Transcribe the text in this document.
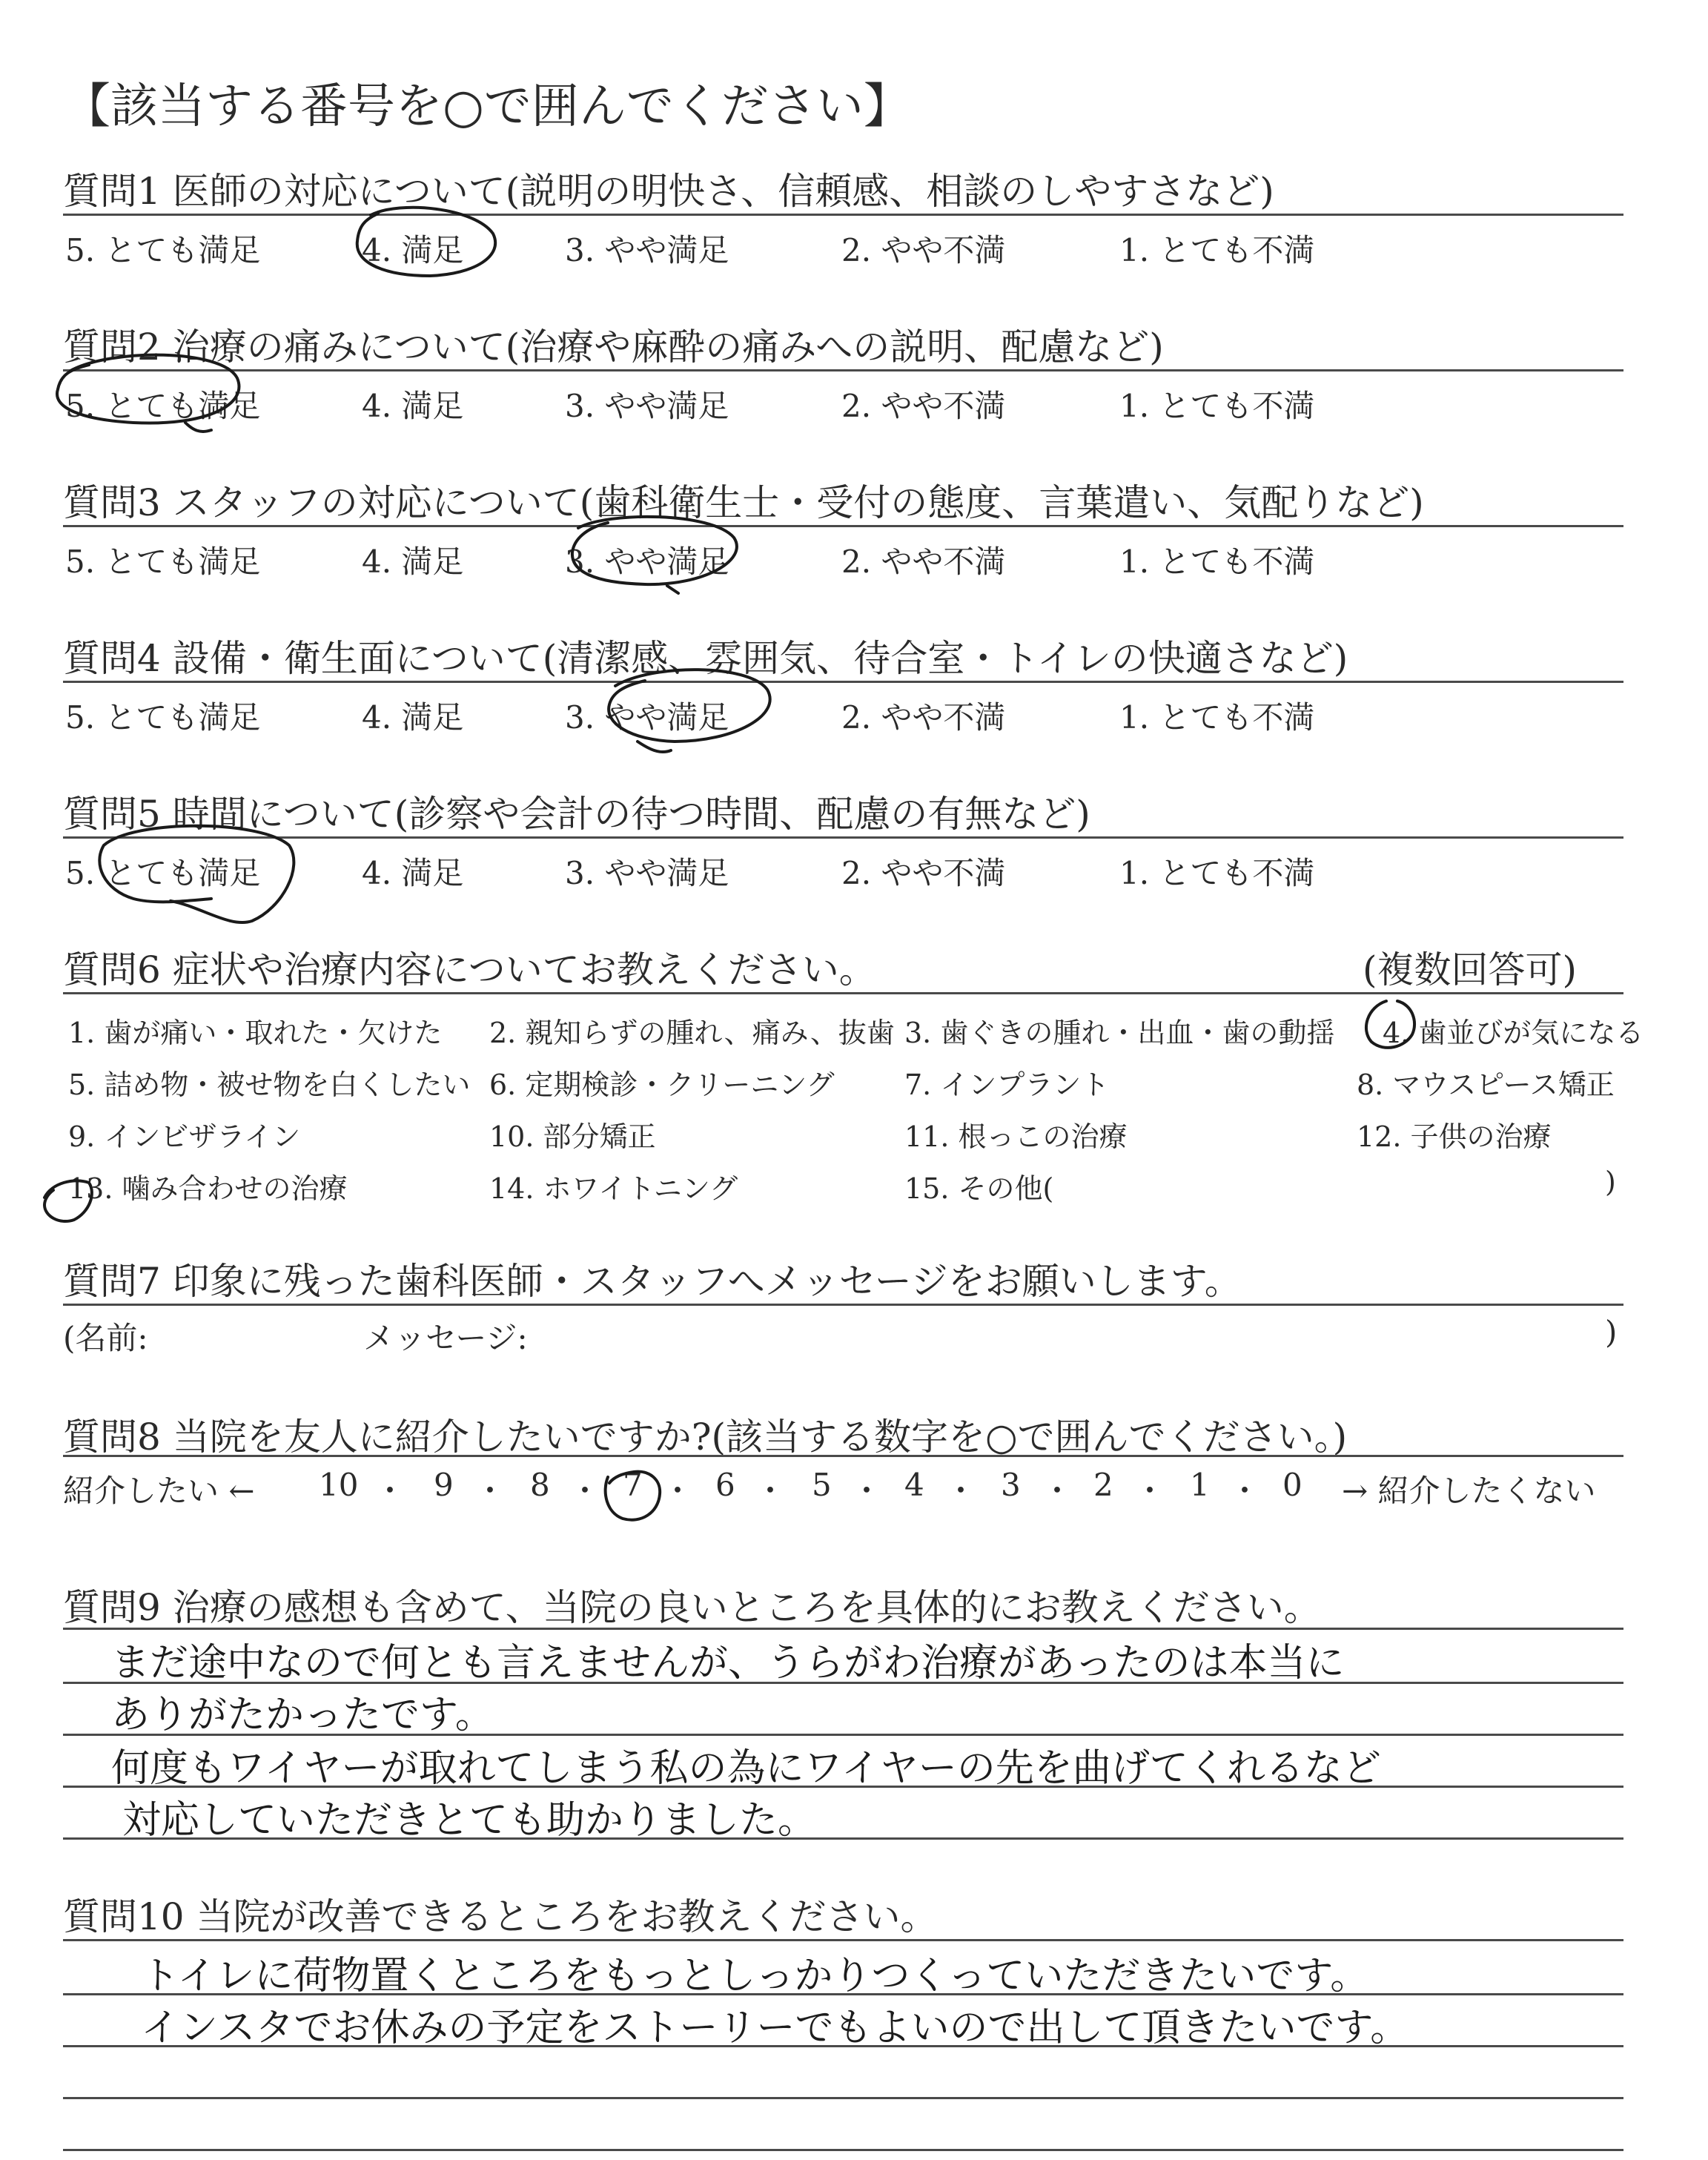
【該当する番号を○で囲んでください】
質問1 医師の対応について(説明の明快さ、信頼感、相談のしやすさなど)
5. とても満足	4. 満足	3. やや満足	2. やや不満	1. とても不満
質問2 治療の痛みについて(治療や麻酔の痛みへの説明、配慮など)
5. とても満足	4. 満足	3. やや満足	2. やや不満	1. とても不満
質問3 スタッフの対応について(歯科衛生士・受付の態度、言葉遣い、気配りなど)
5. とても満足	4. 満足	3. やや満足	2. やや不満	1. とても不満
質問4 設備・衛生面について(清潔感、雰囲気、待合室・トイレの快適さなど)
5. とても満足	4. 満足	3. やや満足	2. やや不満	1. とても不満
質問5 時間について(診察や会計の待つ時間、配慮の有無など)
5. とても満足	4. 満足	3. やや満足	2. やや不満	1. とても不満
質問6 症状や治療内容についてお教えください。	(複数回答可)
1. 歯が痛い・取れた・欠けた 2. 親知らずの腫れ、痛み、抜歯 3. 歯ぐきの腫れ・出血・歯の動揺 4. 歯並びが気になる
5. 詰め物・被せ物を白くしたい 6. 定期検診・クリーニング 7. インプラント	8. マウスピース矯正
9. インビザライン	10. 部分矯正	11. 根っこの治療	12. 子供の治療
13. 噛み合わせの治療	14. ホワイトニング	15. その他(	)
質問7 印象に残った歯科医師・スタッフへメッセージをお願いします。
(名前:	メッセージ:	)
質問8 当院を友人に紹介したいですか?(該当する数字を○で囲んでください。)
紹介したい ←	→ 紹介したくない
10 ・ 9 ・ 8 ・ 7 ・ 6 ・ 5 ・ 4 ・ 3 ・ 2 ・ 1 ・ 0
質問9 治療の感想も含めて、当院の良いところを具体的にお教えください。
まだ途中なので何とも言えませんが、うらがわ治療があったのは本当に
ありがたかったです。
何度もワイヤーが取れてしまう私の為にワイヤーの先を曲げてくれるなど
対応していただきとても助かりました。
質問10 当院が改善できるところをお教えください。
トイレに荷物置くところをもっとしっかりつくっていただきたいです。
インスタでお休みの予定をストーリーでもよいので出して頂きたいです。
